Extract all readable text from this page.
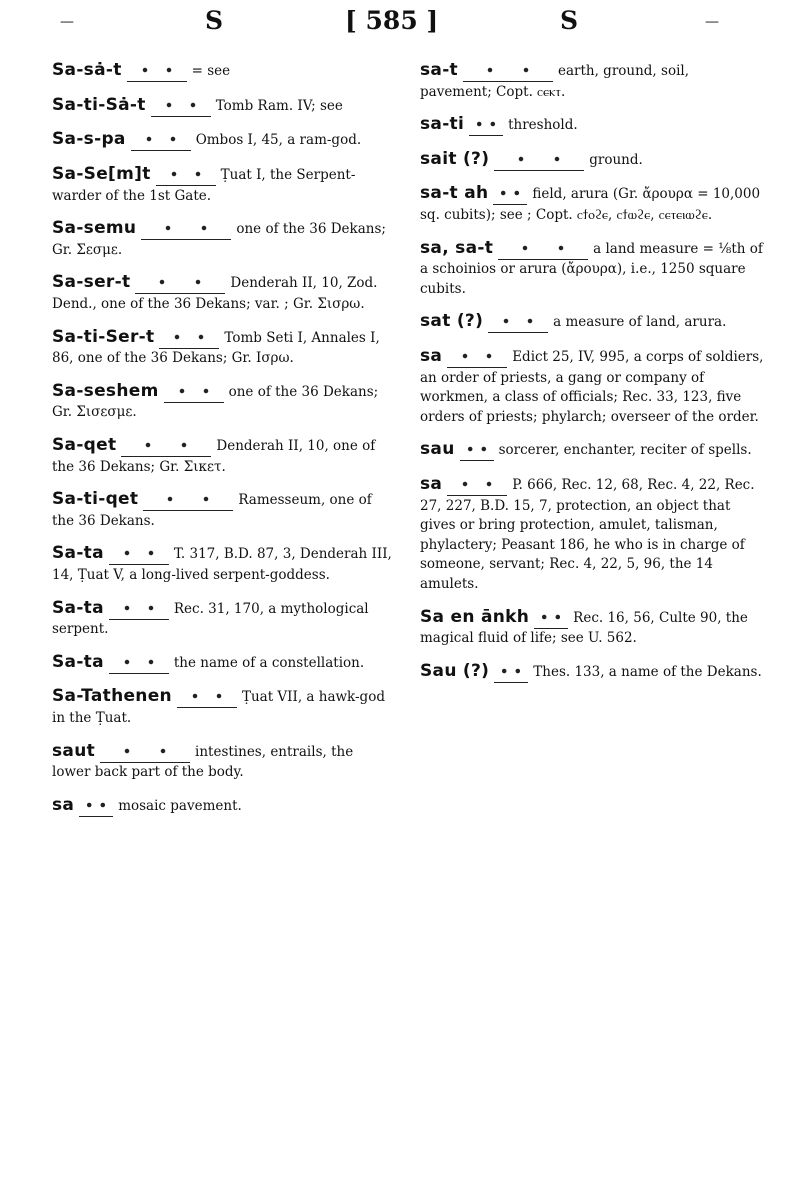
—	S	[ 585 ]	S	—
Sa-sȧ-t	= see
Sa-ti-Sȧ-t	Tomb Ram. IV; see
Sa-s-pa	Ombos I, 45, a ram-god.
Sa-Se[m]t	Ṭuat I, the Serpent-warder of the 1st Gate.
Sa-semu	one of the 36 Dekans; Gr. Σεσμε.
Sa-ser-t	Denderah II, 10, Zod. Dend., one of the 36 Dekans; var. ; Gr. Σισρω.
Sa-ti-Ser-t	Tomb Seti I, Annales I, 86, one of the 36 Dekans; Gr. Ισρω.
Sa-seshem	one of the 36 Dekans; Gr. Σισεσμε.
Sa-qet	Denderah II, 10, one of the 36 Dekans; Gr. Σικετ.
Sa-ti-qet	Ramesseum, one of the 36 Dekans.
Sa-ta	T. 317, B.D. 87, 3, Denderah III, 14, Ṭuat V, a long-lived serpent-goddess.
Sa-ta	Rec. 31, 170, a mythological serpent.
Sa-ta	the name of a constellation.
Sa-Tathenen	Ṭuat VII, a hawk-god in the Ṭuat.
saut	intestines, entrails, the lower back part of the body.
sa	mosaic pavement.
sa-t	earth, ground, soil, pavement; Copt. ⲥⲉⲕⲧ.
sa-ti	threshold.
sait (?)	ground.
sa-t ah	field, arura (Gr. ἄρουρα = 10,000 sq. cubits); see ; Copt. ⲥϯⲟϩⲉ, ⲥϯⲱϩⲉ, ⲥⲉⲧⲉⲓⲱϩⲉ.
sa, sa-t	a land measure = ⅛th of a schoinios or arura (ἄρουρα), i.e., 1250 square cubits.
sat (?)	a measure of land, arura.
sa	Edict 25, IV, 995, a corps of soldiers, an order of priests, a gang or company of workmen, a class of officials; Rec. 33, 123, five orders of priests; phylarch; overseer of the order.
sau	sorcerer, enchanter, reciter of spells.
sa	P. 666, Rec. 12, 68, Rec. 4, 22, Rec. 27, 227, B.D. 15, 7, protection, an object that gives or bring protection, amulet, talisman, phylactery; Peasant 186, he who is in charge of someone, servant; Rec. 4, 22, 5, 96, the 14 amulets.
Sa en ānkh	Rec. 16, 56, Culte 90, the magical fluid of life; see U. 562.
Sau (?)	Thes. 133, a name of the Dekans.
